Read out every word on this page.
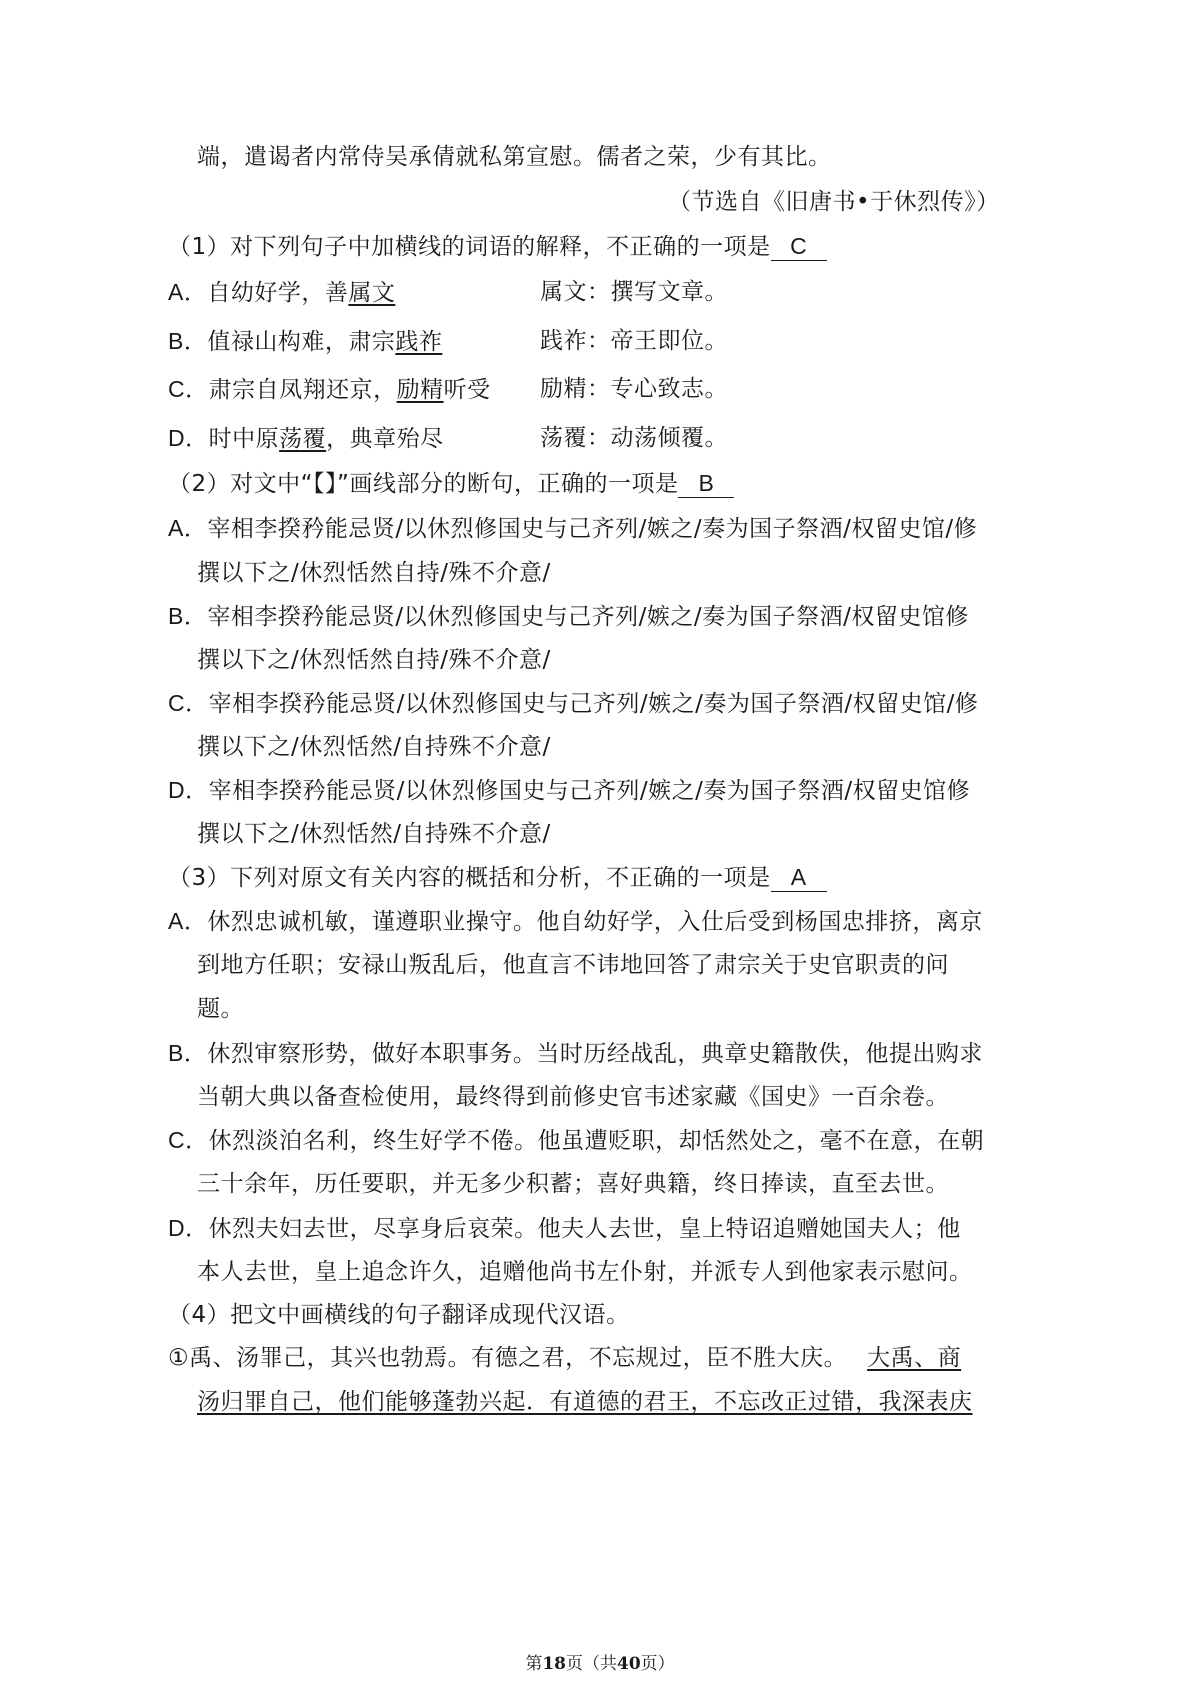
端，遣谒者内常侍吴承倩就私第宣慰。儒者之荣，少有其比。
（节选自《旧唐书•于休烈传》）
（1）对下列句子中加横线的词语的解释，不正确的一项是 C
A．自幼好学，善属文	属文：撰写文章。
B．值禄山构难，肃宗践祚	践祚：帝王即位。
C．肃宗自凤翔还京，励精听受 励精：专心致志。
D．时中原荡覆，典章殆尽	荡覆：动荡倾覆。
（2）对文中“【】”画线部分的断句，正确的一项是 B
A．宰相李揆矜能忌贤/以休烈修国史与己齐列/嫉之/奏为国子祭酒/权留史馆/修
撰以下之/休烈恬然自持/殊不介意/
B．宰相李揆矜能忌贤/以休烈修国史与己齐列/嫉之/奏为国子祭酒/权留史馆修
撰以下之/休烈恬然自持/殊不介意/
C．宰相李揆矜能忌贤/以休烈修国史与己齐列/嫉之/奏为国子祭酒/权留史馆/修
撰以下之/休烈恬然/自持殊不介意/
D．宰相李揆矜能忌贤/以休烈修国史与己齐列/嫉之/奏为国子祭酒/权留史馆修
撰以下之/休烈恬然/自持殊不介意/
（3）下列对原文有关内容的概括和分析，不正确的一项是 A
A．休烈忠诚机敏，谨遵职业操守。他自幼好学，入仕后受到杨国忠排挤，离京
到地方任职；安禄山叛乱后，他直言不讳地回答了肃宗关于史官职责的问
题。
B．休烈审察形势，做好本职事务。当时历经战乱，典章史籍散佚，他提出购求
当朝大典以备查检使用，最终得到前修史官韦述家藏《国史》一百余卷。
C．休烈淡泊名利，终生好学不倦。他虽遭贬职，却恬然处之，毫不在意，在朝
三十余年，历任要职，并无多少积蓄；喜好典籍，终日捧读，直至去世。
D．休烈夫妇去世，尽享身后哀荣。他夫人去世，皇上特诏追赠她国夫人；他
本人去世，皇上追念许久，追赠他尚书左仆射，并派专人到他家表示慰问。
（4）把文中画横线的句子翻译成现代汉语。
①禹、汤罪己，其兴也勃焉。有德之君，不忘规过，臣不胜大庆。 大禹、商
汤归罪自己，他们能够蓬勃兴起．有道德的君王，不忘改正过错，我深表庆
第18页（共40页）
